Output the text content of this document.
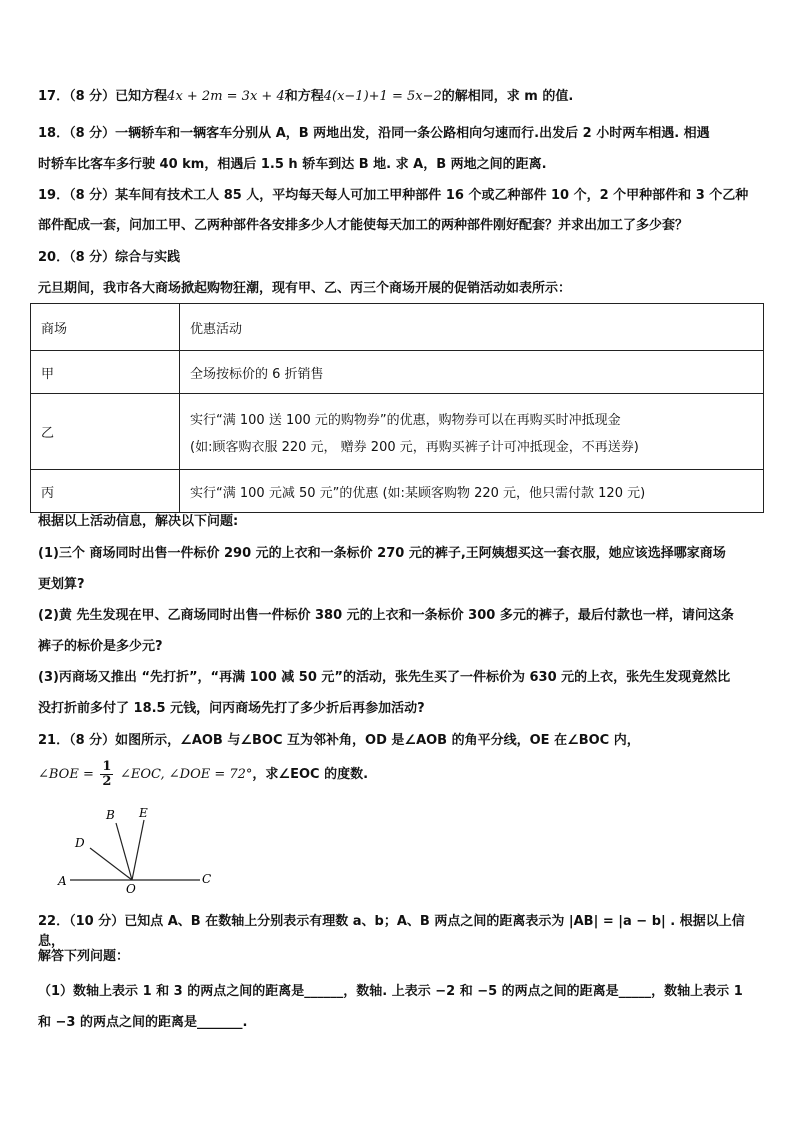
17．（8 分）已知方程4x + 2m = 3x + 4和方程4(x−1)+1 = 5x−2的解相同，求 m 的值.
18．（8 分）一辆轿车和一辆客车分别从 A，B 两地出发，沿同一条公路相向匀速而行.出发后 2 小时两车相遇. 相遇
时轿车比客车多行驶 40 km，相遇后 1.5 h 轿车到达 B 地. 求 A，B 两地之间的距离.
19．（8 分）某车间有技术工人 85 人，平均每天每人可加工甲种部件 16 个或乙种部件 10 个，2 个甲种部件和 3 个乙种
部件配成一套，问加工甲、乙两种部件各安排多少人才能使每天加工的两种部件刚好配套？并求出加工了多少套？
20．（8 分）综合与实践
元旦期间，我市各大商场掀起购物狂潮，现有甲、乙、丙三个商场开展的促销活动如表所示：
商场	优惠活动
甲	全场按标价的 6 折销售

乙	实行“满 100 送 100 元的购物券”的优惠，购物券可以在再购买时冲抵现金
(如:顾客购衣服 220 元， 赠券 200 元，再购买裤子计可冲抵现金，不再送券)

丙	实行“满 100 元减 50 元”的优惠 (如:某顾客购物 220 元，他只需付款 120 元)
根据以上活动信息，解决以下问题:
(1)三个 商场同时出售一件标价 290 元的上衣和一条标价 270 元的裤子,王阿姨想买这一套衣服，她应该选择哪家商场
更划算?
(2)黄 先生发现在甲、乙商场同时出售一件标价 380 元的上衣和一条标价 300 多元的裤子，最后付款也一样，请问这条
裤子的标价是多少元?
(3)丙商场又推出 “先打折”，“再满 100 减 50 元”的活动，张先生买了一件标价为 630 元的上衣，张先生发现竟然比
没打折前多付了 18.5 元钱，问丙商场先打了多少折后再参加活动?
21．（8 分）如图所示，∠AOB 与∠BOC 互为邻补角，OD 是∠AOB 的角平分线，OE 在∠BOC 内，
∠BOE = $\frac{1}{2}$ ∠EOC, ∠DOE = 72°，求∠EOC 的度数.
A
O
C
D
B E
22．（10 分）已知点 A、B 在数轴上分别表示有理数 a、b；A、B 两点之间的距离表示为 |AB| = |a − b| . 根据以上信息，
解答下列问题：
（1）数轴上表示 1 和 3 的两点之间的距离是______，数轴. 上表示 −2 和 −5 的两点之间的距离是_____，数轴上表示 1
和 −3 的两点之间的距离是_______.
